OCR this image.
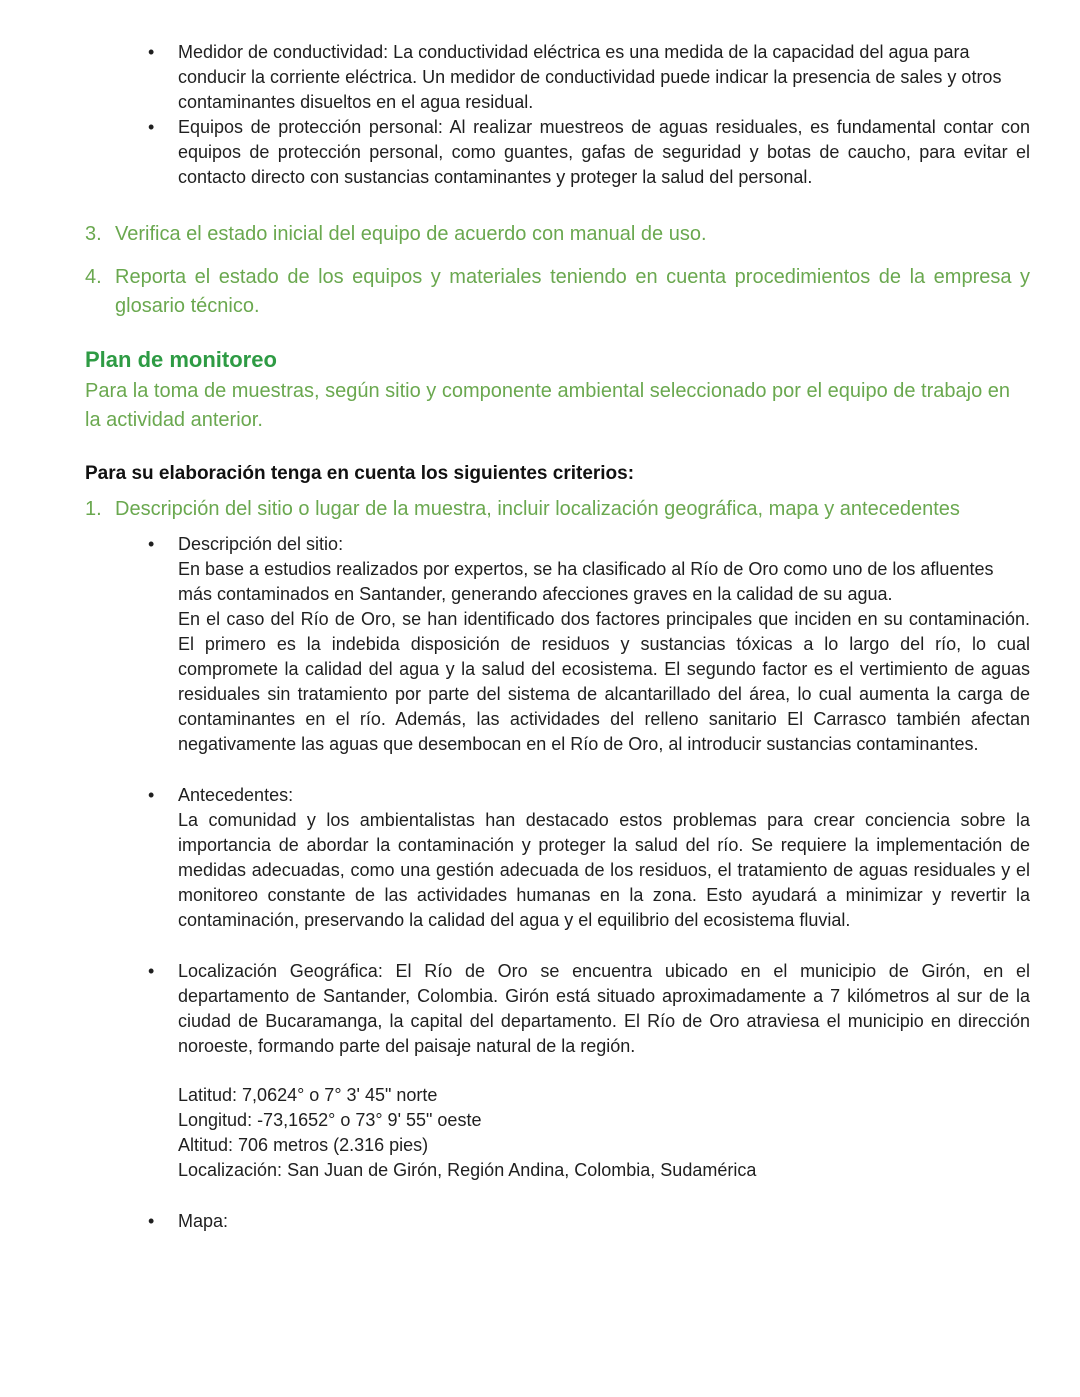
• Medidor de conductividad: La conductividad eléctrica es una medida de la capacidad del agua para conducir la corriente eléctrica. Un medidor de conductividad puede indicar la presencia de sales y otros contaminantes disueltos en el agua residual.
• Equipos de protección personal: Al realizar muestreos de aguas residuales, es fundamental contar con equipos de protección personal, como guantes, gafas de seguridad y botas de caucho, para evitar el contacto directo con sustancias contaminantes y proteger la salud del personal.
3. Verifica el estado inicial del equipo de acuerdo con manual de uso.
4. Reporta el estado de los equipos y materiales teniendo en cuenta procedimientos de la empresa y glosario técnico.
Plan de monitoreo

Para la toma de muestras, según sitio y componente ambiental seleccionado por el equipo de trabajo en la actividad anterior.

Para su elaboración tenga en cuenta los siguientes criterios:

1. Descripción del sitio o lugar de la muestra, incluir localización geográfica, mapa y antecedentes
• Descripción del sitio:

En base a estudios realizados por expertos, se ha clasificado al Río de Oro como uno de los afluentes más contaminados en Santander, generando afecciones graves en la calidad de su agua.

En el caso del Río de Oro, se han identificado dos factores principales que inciden en su contaminación. El primero es la indebida disposición de residuos y sustancias tóxicas a lo largo del río, lo cual compromete la calidad del agua y la salud del ecosistema. El segundo factor es el vertimiento de aguas residuales sin tratamiento por parte del sistema de alcantarillado del área, lo cual aumenta la carga de contaminantes en el río. Además, las actividades del relleno sanitario El Carrasco también afectan negativamente las aguas que desembocan en el Río de Oro, al introducir sustancias contaminantes.

• Antecedentes:

La comunidad y los ambientalistas han destacado estos problemas para crear conciencia sobre la importancia de abordar la contaminación y proteger la salud del río. Se requiere la implementación de medidas adecuadas, como una gestión adecuada de los residuos, el tratamiento de aguas residuales y el monitoreo constante de las actividades humanas en la zona. Esto ayudará a minimizar y revertir la contaminación, preservando la calidad del agua y el equilibrio del ecosistema fluvial.

• Localización Geográfica: El Río de Oro se encuentra ubicado en el municipio de Girón, en el departamento de Santander, Colombia. Girón está situado aproximadamente a 7 kilómetros al sur de la ciudad de Bucaramanga, la capital del departamento. El Río de Oro atraviesa el municipio en dirección noroeste, formando parte del paisaje natural de la región.

Latitud: 7,0624° o 7° 3' 45" norte
Longitud: -73,1652° o 73° 9' 55" oeste
Altitud: 706 metros (2.316 pies)
Localización: San Juan de Girón, Región Andina, Colombia, Sudamérica
• Mapa:
